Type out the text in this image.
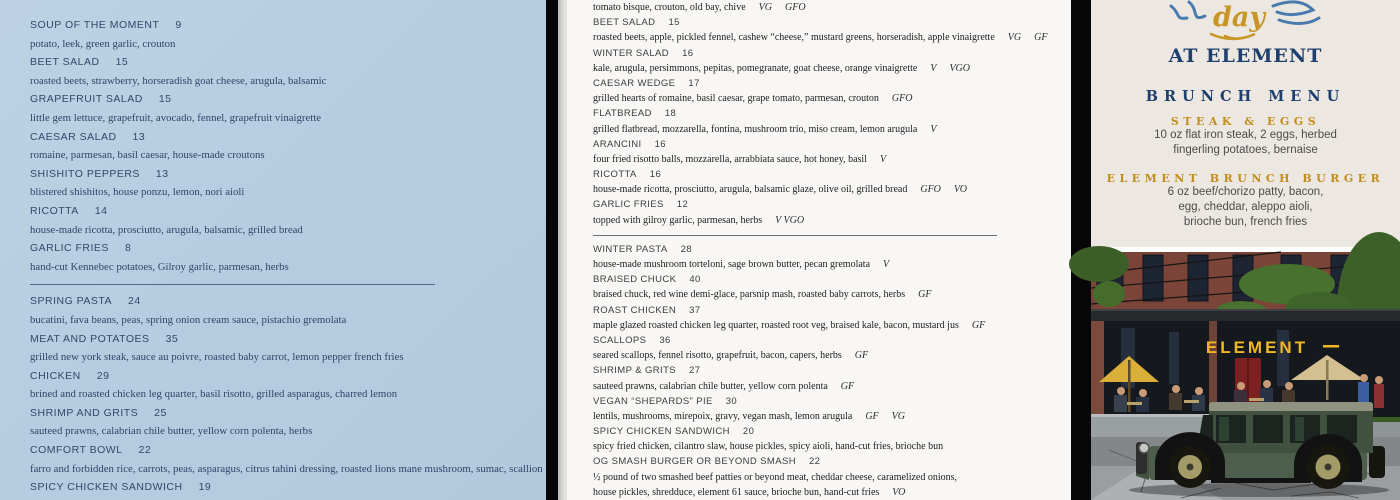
SOUP OF THE MOMENT 9
potato, leek, green garlic, crouton
BEET SALAD 15
roasted beets, strawberry, horseradish goat cheese, arugula, balsamic
GRAPEFRUIT SALAD 15
little gem lettuce, grapefruit, avocado, fennel, grapefruit vinaigrette
CAESAR SALAD 13
romaine, parmesan, basil caesar, house-made croutons
SHISHITO PEPPERS 13
blistered shishitos, house ponzu, lemon, nori aioli
RICOTTA 14
house-made ricotta, prosciutto, arugula, balsamic, grilled bread
GARLIC FRIES 8
hand-cut Kennebec potatoes, Gilroy garlic, parmesan, herbs
SPRING PASTA 24
bucatini, fava beans, peas, spring onion cream sauce, pistachio gremolata
MEAT AND POTATOES 35
grilled new york steak, sauce au poivre, roasted baby carrot, lemon pepper french fries
CHICKEN 29
brined and roasted chicken leg quarter, basil risotto, grilled asparagus, charred lemon
SHRIMP AND GRITS 25
sauteed prawns, calabrian chile butter, yellow corn polenta, herbs
COMFORT BOWL 22
farro and forbidden rice, carrots, peas, asparagus, citrus tahini dressing, roasted lions mane mushroom, sumac, scallion
SPICY CHICKEN SANDWICH 19
tomato bisque, crouton, old bay, chive VG GFO
BEET SALAD 15
roasted beets, apple, pickled fennel, cashew “cheese,” mustard greens, horseradish, apple vinaigrette VG GF
WINTER SALAD 16
kale, arugula, persimmons, pepitas, pomegranate, goat cheese, orange vinaigrette V VGO
CAESAR WEDGE 17
grilled hearts of romaine, basil caesar, grape tomato, parmesan, crouton GFO
FLATBREAD 18
grilled flatbread, mozzarella, fontina, mushroom trio, miso cream, lemon arugula V
ARANCINI 16
four fried risotto balls, mozzarella, arrabbiata sauce, hot honey, basil V
RICOTTA 16
house-made ricotta, prosciutto, arugula, balsamic glaze, olive oil, grilled bread GFO VO
GARLIC FRIES 12
topped with gilroy garlic, parmesan, herbs V VGO
WINTER PASTA 28
house-made mushroom torteloni, sage brown butter, pecan gremolata V
BRAISED CHUCK 40
braised chuck, red wine demi-glace, parsnip mash, roasted baby carrots, herbs GF
ROAST CHICKEN 37
maple glazed roasted chicken leg quarter, roasted root veg, braised kale, bacon, mustard jus GF
SCALLOPS 36
seared scallops, fennel risotto, grapefruit, bacon, capers, herbs GF
SHRIMP & GRITS 27
sauteed prawns, calabrian chile butter, yellow corn polenta GF
VEGAN “SHEPARDS” PIE 30
lentils, mushrooms, mirepoix, gravy, vegan mash, lemon arugula GF VG
SPICY CHICKEN SANDWICH 20
spicy fried chicken, cilantro slaw, house pickles, spicy aioli, hand-cut fries, brioche bun
OG SMASH BURGER OR BEYOND SMASH 22
½ pound of two smashed beef patties or beyond meat, cheddar cheese, caramelized onions,
house pickles, shredduce, element 61 sauce, brioche bun, hand-cut fries VO
day
AT ELEMENT
BRUNCH MENU
STEAK & EGGS
10 oz flat iron steak, 2 eggs, herbed
fingerling potatoes, bernaise
ELEMENT BRUNCH BURGER
6 oz beef/chorizo patty, bacon,
egg, cheddar, aleppo aioli,
brioche bun, french fries
ELEMENT
